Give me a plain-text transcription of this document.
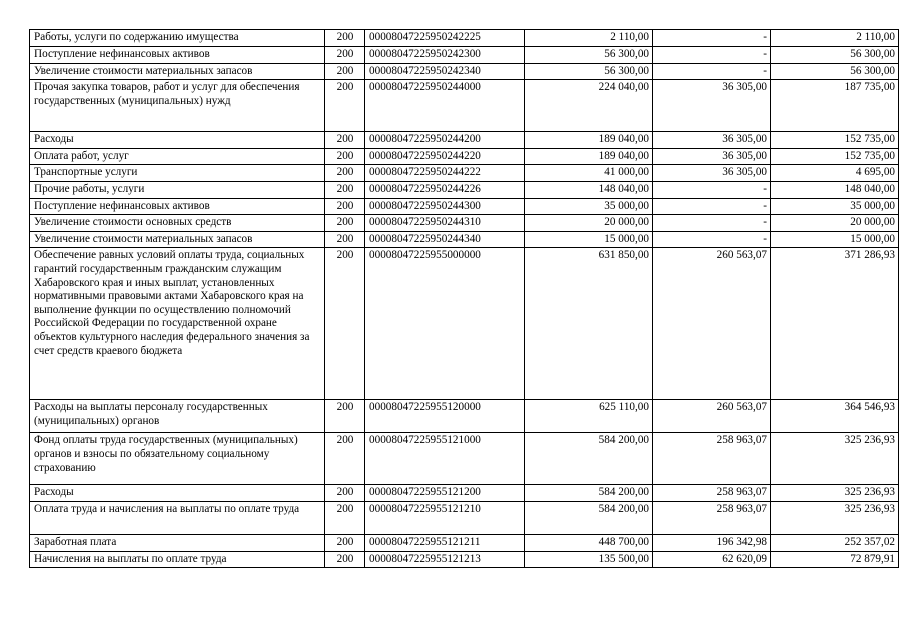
Работы, услуги по содержанию имущества	200	00008047225950242225	2 110,00	-	2 110,00
Поступление нефинансовых активов	200	00008047225950242300	56 300,00	-	56 300,00
Увеличение стоимости материальных запасов	200	00008047225950242340	56 300,00	-	56 300,00
Прочая закупка товаров, работ и услуг для обеспечения государственных (муниципальных) нужд	200	00008047225950244000	224 040,00	36 305,00	187 735,00
Расходы	200	00008047225950244200	189 040,00	36 305,00	152 735,00
Оплата работ, услуг	200	00008047225950244220	189 040,00	36 305,00	152 735,00
Транспортные услуги	200	00008047225950244222	41 000,00	36 305,00	4 695,00
Прочие работы, услуги	200	00008047225950244226	148 040,00	-	148 040,00
Поступление нефинансовых активов	200	00008047225950244300	35 000,00	-	35 000,00
Увеличение стоимости основных средств	200	00008047225950244310	20 000,00	-	20 000,00
Увеличение стоимости материальных запасов	200	00008047225950244340	15 000,00	-	15 000,00
Обеспечение равных условий оплаты труда, социальных гарантий государственным гражданским служащим Хабаровского края и иных выплат, установленных нормативными правовыми актами Хабаровского края на выполнение функции по осуществлению полномочий Российской Федерации по государственной охране объектов культурного наследия федерального значения за счет средств краевого бюджета	200	00008047225955000000	631 850,00	260 563,07	371 286,93
Расходы на выплаты персоналу государственных (муниципальных) органов	200	00008047225955120000	625 110,00	260 563,07	364 546,93
Фонд оплаты труда государственных (муниципальных) органов и взносы по обязательному социальному страхованию	200	00008047225955121000	584 200,00	258 963,07	325 236,93
Расходы	200	00008047225955121200	584 200,00	258 963,07	325 236,93
Оплата труда и начисления на выплаты по оплате труда	200	00008047225955121210	584 200,00	258 963,07	325 236,93
Заработная плата	200	00008047225955121211	448 700,00	196 342,98	252 357,02
Начисления на выплаты по оплате труда	200	00008047225955121213	135 500,00	62 620,09	72 879,91
